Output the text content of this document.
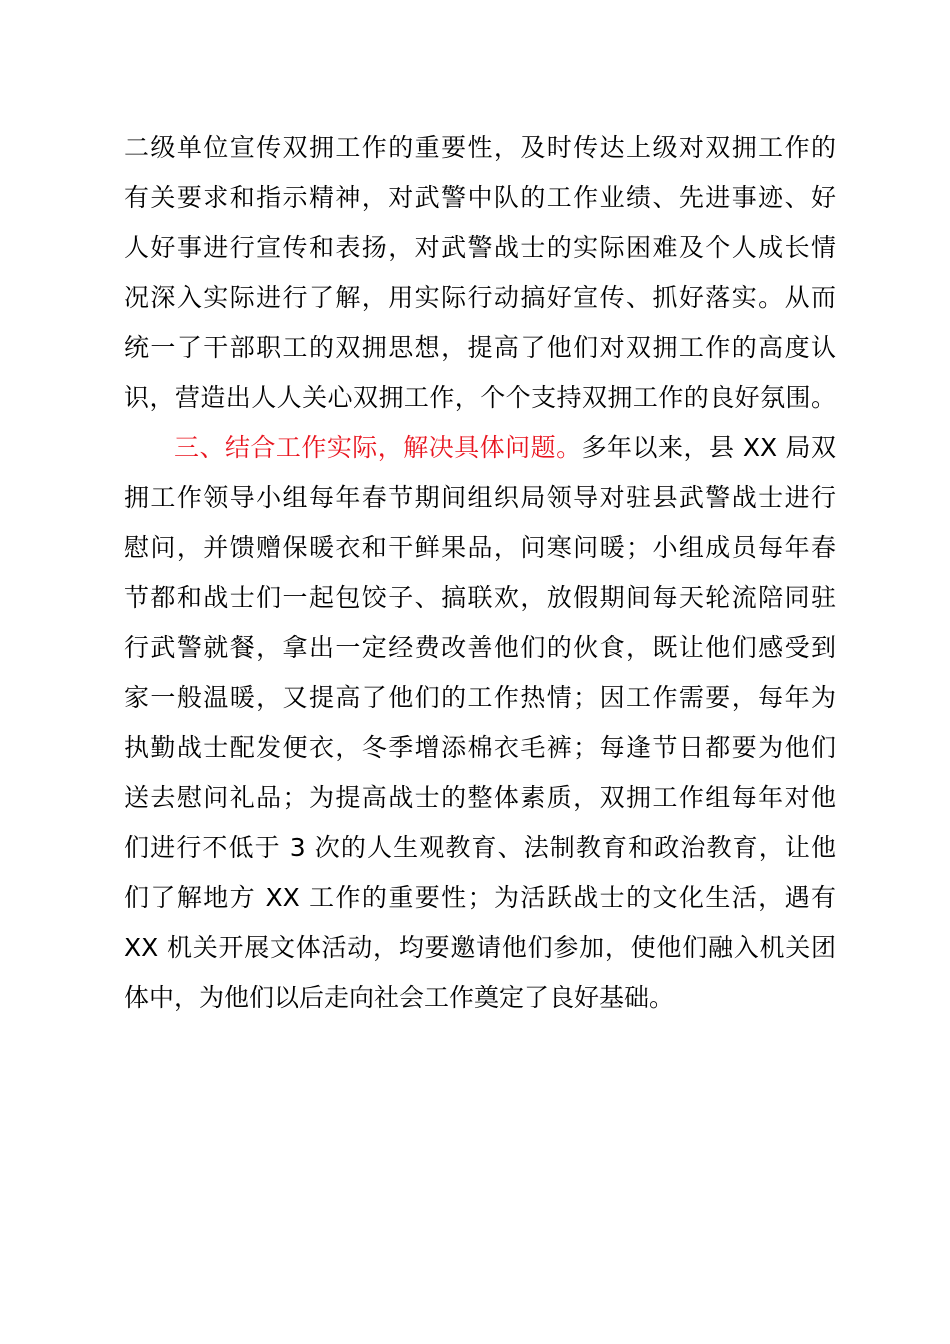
二级单位宣传双拥工作的重要性，及时传达上级对双拥工作的
有关要求和指示精神，对武警中队的工作业绩、先进事迹、好
人好事进行宣传和表扬，对武警战士的实际困难及个人成长情
况深入实际进行了解，用实际行动搞好宣传、抓好落实。从而
统一了干部职工的双拥思想，提高了他们对双拥工作的高度认
识，营造出人人关心双拥工作，个个支持双拥工作的良好氛围。
三、结合工作实际，解决具体问题。多年以来，县 XX 局双
拥工作领导小组每年春节期间组织局领导对驻县武警战士进行
慰问，并馈赠保暖衣和干鲜果品，问寒问暖；小组成员每年春
节都和战士们一起包饺子、搞联欢，放假期间每天轮流陪同驻
行武警就餐，拿出一定经费改善他们的伙食，既让他们感受到
家一般温暖，又提高了他们的工作热情；因工作需要，每年为
执勤战士配发便衣，冬季增添棉衣毛裤；每逢节日都要为他们
送去慰问礼品；为提高战士的整体素质，双拥工作组每年对他
们进行不低于 3 次的人生观教育、法制教育和政治教育，让他
们了解地方 XX 工作的重要性；为活跃战士的文化生活，遇有
XX 机关开展文体活动，均要邀请他们参加，使他们融入机关团
体中，为他们以后走向社会工作奠定了良好基础。
